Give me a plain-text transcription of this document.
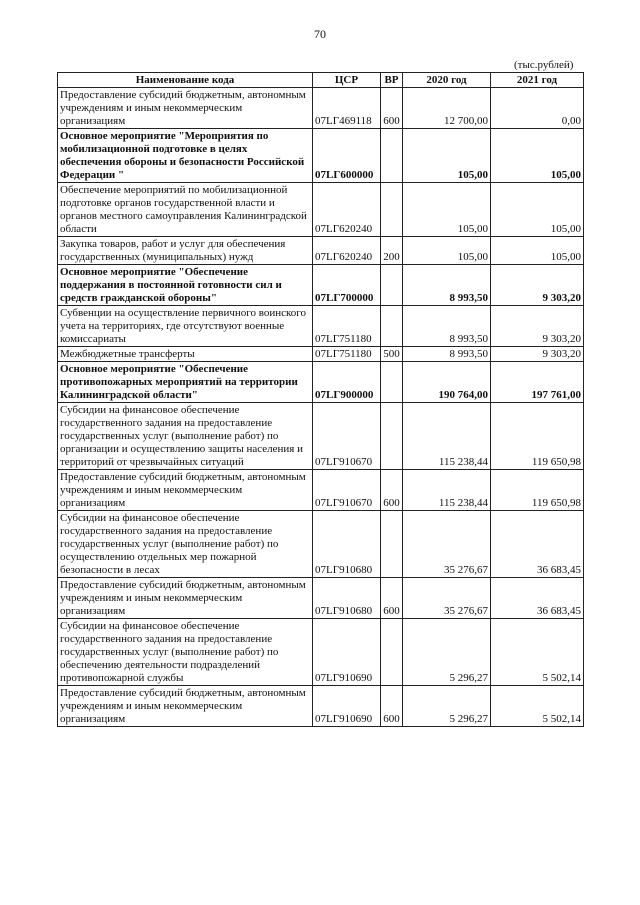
70
(тыс.рублей)
Наименование кода	ЦСР	ВР	2020 год	2021 год
Предоставление субсидий бюджетным, автономным учреждениям и иным некоммерческим организациям	07LГ469118	600	12 700,00	0,00
Основное мероприятие "Мероприятия по мобилизационной подготовке в целях обеспечения обороны и безопасности Российской Федерации "	07LГ600000		105,00	105,00
Обеспечение мероприятий по мобилизационной подготовке органов государственной власти и органов местного самоуправления Калининградской области	07LГ620240		105,00	105,00
Закупка товаров, работ и услуг для обеспечения государственных (муниципальных) нужд	07LГ620240	200	105,00	105,00
Основное мероприятие "Обеспечение поддержания в постоянной готовности сил и средств гражданской обороны"	07LГ700000		8 993,50	9 303,20
Субвенции на осуществление первичного воинского учета на территориях, где отсутствуют военные комиссариаты	07LГ751180		8 993,50	9 303,20
Межбюджетные трансферты	07LГ751180	500	8 993,50	9 303,20
Основное мероприятие "Обеспечение противопожарных мероприятий на территории Калининградской области"	07LГ900000		190 764,00	197 761,00
Субсидии на финансовое обеспечение государственного задания на предоставление государственных услуг (выполнение работ) по организации и осуществлению защиты населения и территорий от чрезвычайных ситуаций	07LГ910670		115 238,44	119 650,98
Предоставление субсидий бюджетным, автономным учреждениям и иным некоммерческим организациям	07LГ910670	600	115 238,44	119 650,98
Субсидии на финансовое обеспечение государственного задания на предоставление государственных услуг (выполнение работ) по осуществлению отдельных мер пожарной безопасности в лесах	07LГ910680		35 276,67	36 683,45
Предоставление субсидий бюджетным, автономным учреждениям и иным некоммерческим организациям	07LГ910680	600	35 276,67	36 683,45
Субсидии на финансовое обеспечение государственного задания на предоставление государственных услуг (выполнение работ) по обеспечению деятельности подразделений противопожарной службы	07LГ910690		5 296,27	5 502,14
Предоставление субсидий бюджетным, автономным учреждениям и иным некоммерческим организациям	07LГ910690	600	5 296,27	5 502,14
